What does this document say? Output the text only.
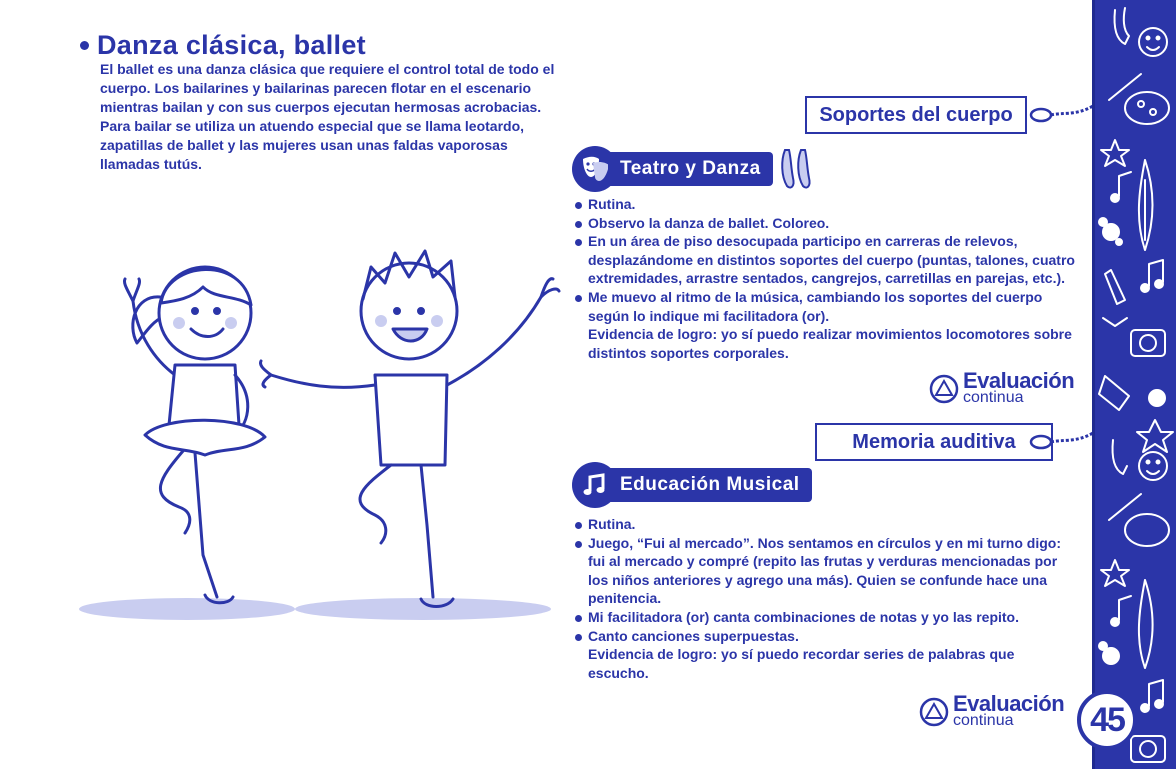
Danza clásica, ballet
El ballet es una danza clásica que requiere el control total de todo el cuerpo. Los bailarines y bailarinas parecen flotar en el escenario mientras bailan y con sus cuerpos ejecutan hermosas acrobacias. Para bailar se utiliza un atuendo especial que se llama leotardo, zapatillas de ballet y las mujeres usan unas faldas vaporosas llamadas tutús.
Soportes del cuerpo
Teatro y Danza
Rutina.
Observo la danza de ballet. Coloreo.
En un área de piso desocupada participo en carreras de relevos, desplazándome en distintos soportes del cuerpo (puntas, talones, cuatro extremidades, arrastre sentados, cangrejos, carretillas en parejas, etc.).
Me muevo al ritmo de la música, cambiando los soportes del cuerpo según lo indique mi facilitadora (or).
Evidencia de logro: yo sí puedo realizar movimientos locomotores sobre distintos soportes corporales.
Evaluación
continua
Memoria auditiva
Educación Musical
Rutina.
Juego, “Fui al mercado”. Nos sentamos en círculos y en mi turno digo: fui al mercado y compré (repito las frutas y verduras mencionadas por los niños anteriores y agrego una más). Quien se confunde hace una penitencia.
Mi facilitadora (or) canta combinaciones de notas y yo las repito.
Canto canciones superpuestas.
Evidencia de logro: yo sí puedo recordar series de palabras que escucho.
Evaluación
continua	45
